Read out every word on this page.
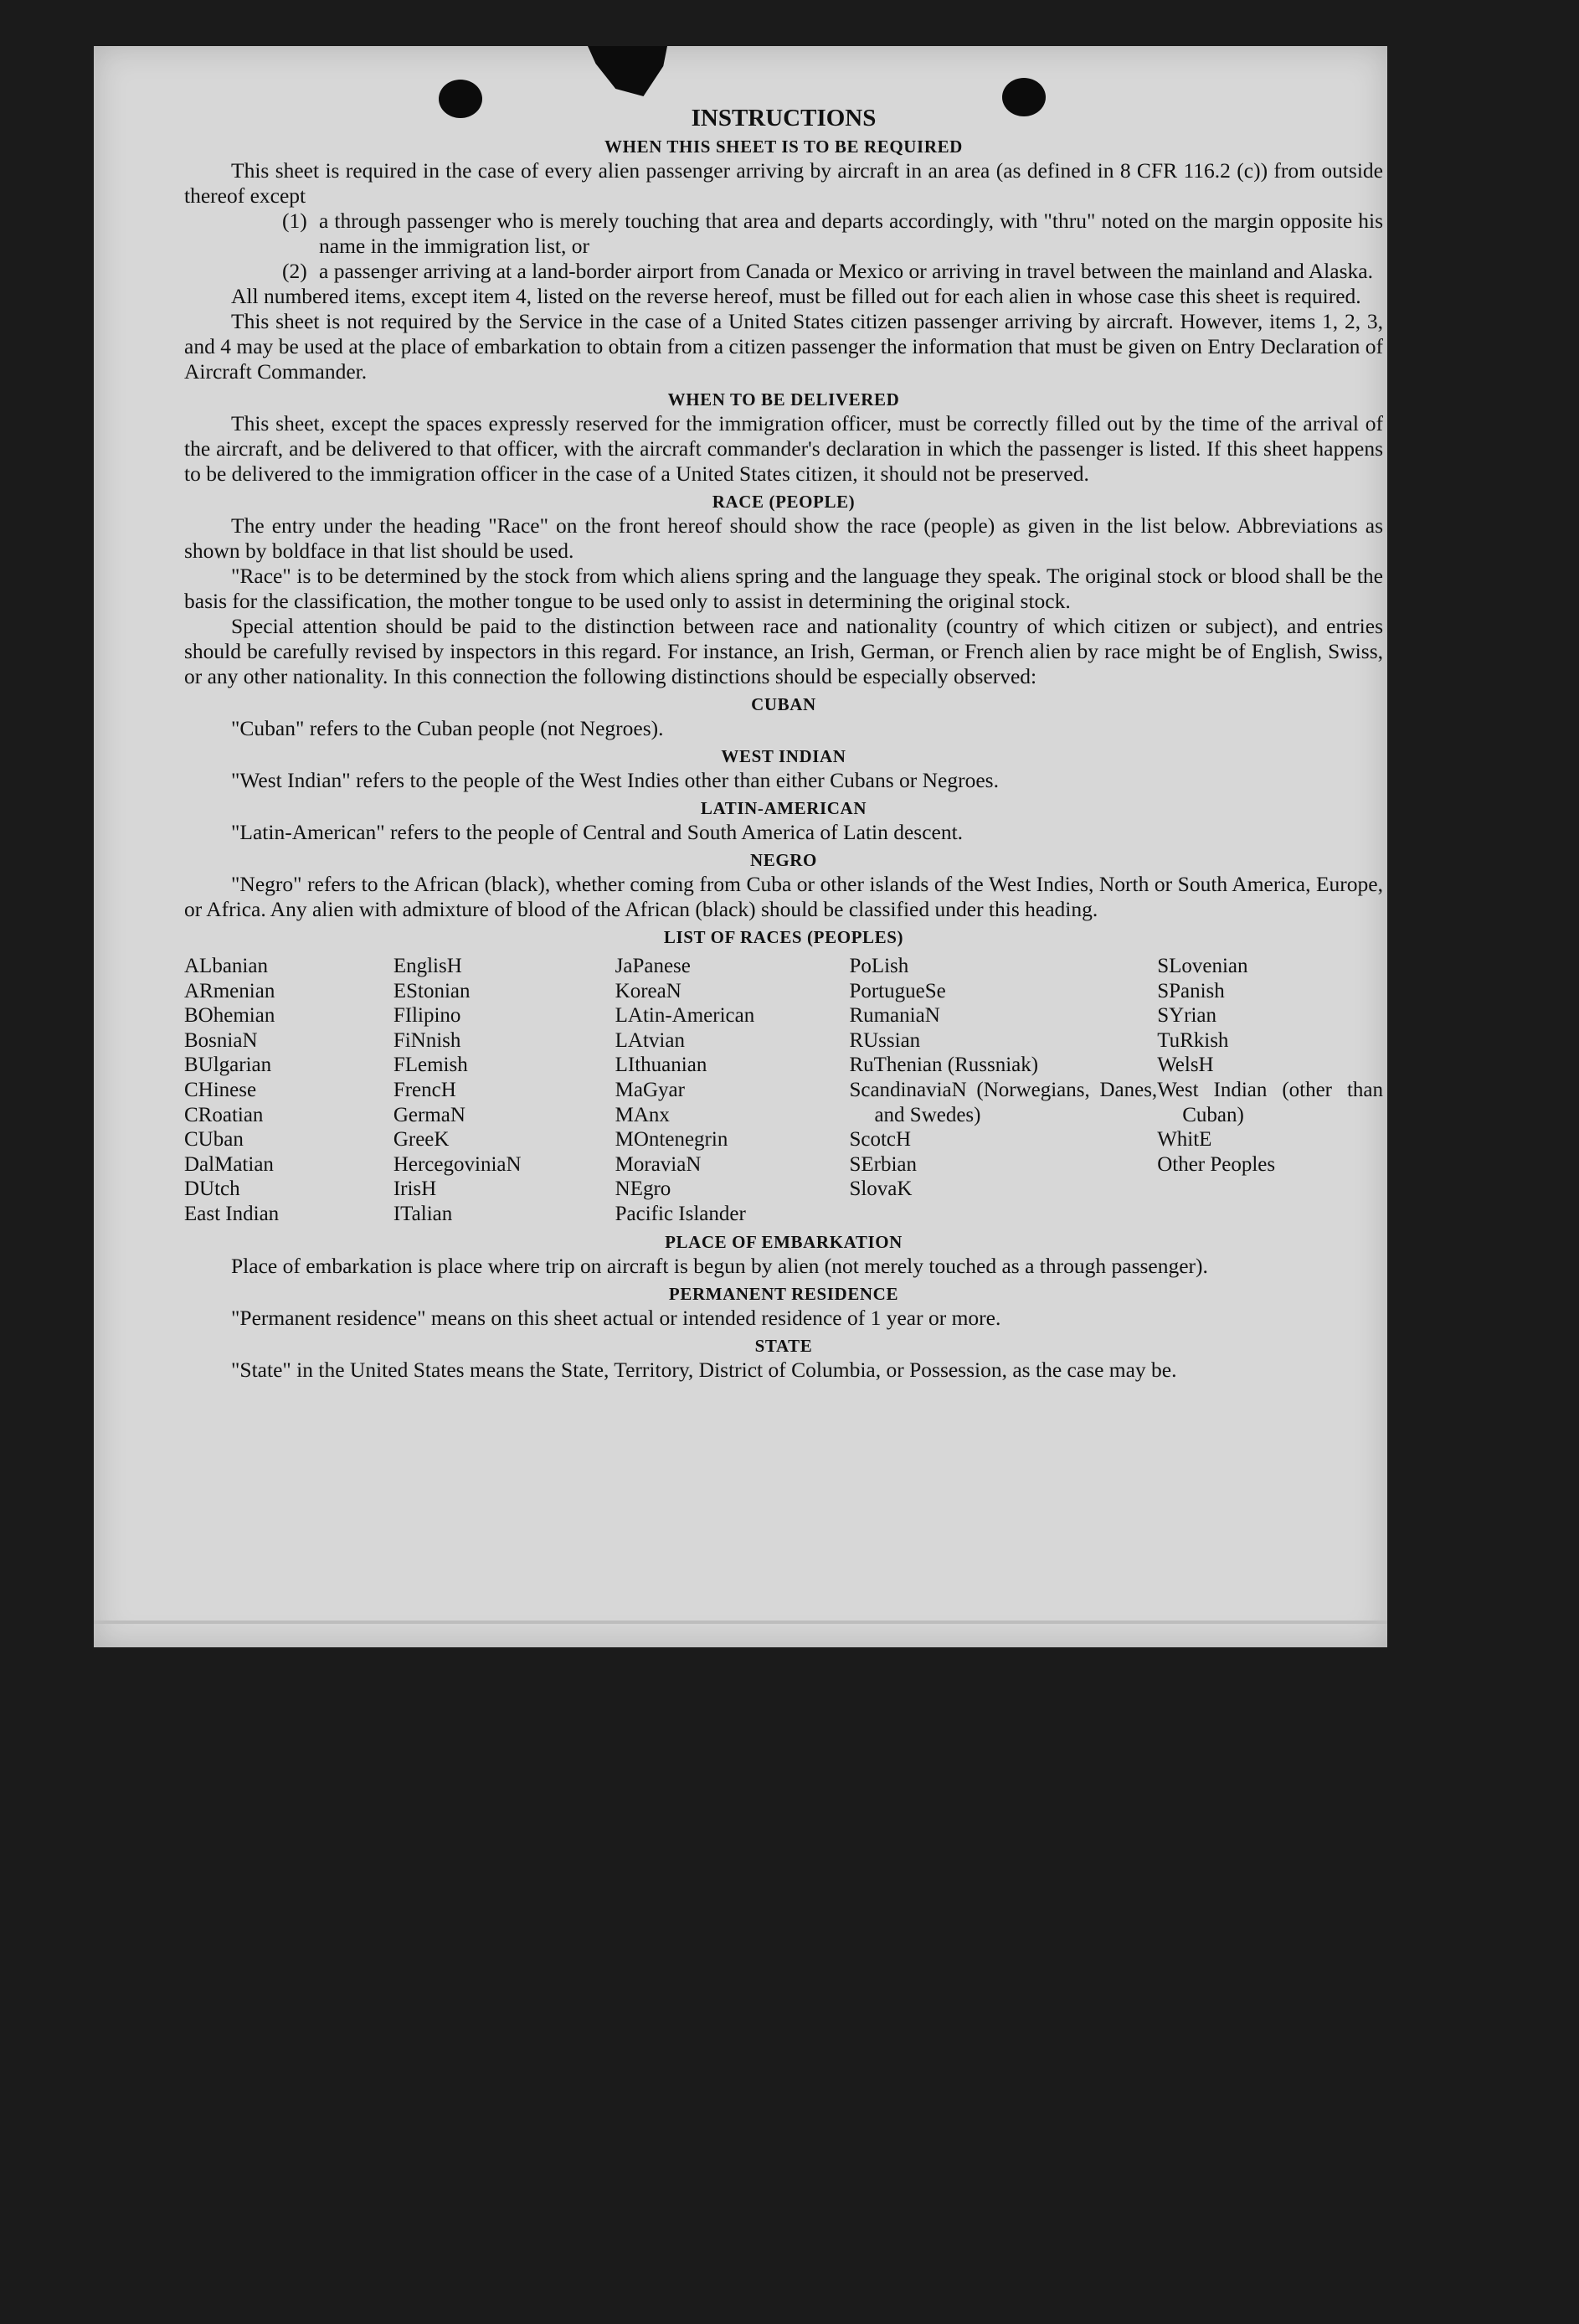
INSTRUCTIONS
WHEN THIS SHEET IS TO BE REQUIRED

This sheet is required in the case of every alien passenger arriving by aircraft in an area (as defined in 8 CFR 116.2 (c)) from outside thereof except

(1) a through passenger who is merely touching that area and departs accordingly, with "thru" noted on the margin opposite his name in the immigration list, or
(2) a passenger arriving at a land-border airport from Canada or Mexico or arriving in travel between the mainland and Alaska.

All numbered items, except item 4, listed on the reverse hereof, must be filled out for each alien in whose case this sheet is required.

This sheet is not required by the Service in the case of a United States citizen passenger arriving by aircraft. However, items 1, 2, 3, and 4 may be used at the place of embarkation to obtain from a citizen passenger the information that must be given on Entry Declaration of Aircraft Commander.

WHEN TO BE DELIVERED

This sheet, except the spaces expressly reserved for the immigration officer, must be correctly filled out by the time of the arrival of the aircraft, and be delivered to that officer, with the aircraft commander's declaration in which the passenger is listed. If this sheet happens to be delivered to the immigration officer in the case of a United States citizen, it should not be preserved.

RACE (PEOPLE)

The entry under the heading "Race" on the front hereof should show the race (people) as given in the list below. Abbreviations as shown by boldface in that list should be used.

"Race" is to be determined by the stock from which aliens spring and the language they speak. The original stock or blood shall be the basis for the classification, the mother tongue to be used only to assist in determining the original stock.

Special attention should be paid to the distinction between race and nationality (country of which citizen or subject), and entries should be carefully revised by inspectors in this regard. For instance, an Irish, German, or French alien by race might be of English, Swiss, or any other nationality. In this connection the following distinctions should be especially observed:

CUBAN

"Cuban" refers to the Cuban people (not Negroes).

WEST INDIAN

"West Indian" refers to the people of the West Indies other than either Cubans or Negroes.

LATIN-AMERICAN

"Latin-American" refers to the people of Central and South America of Latin descent.

NEGRO

"Negro" refers to the African (black), whether coming from Cuba or other islands of the West Indies, North or South America, Europe, or Africa. Any alien with admixture of blood of the African (black) should be classified under this heading.

LIST OF RACES (PEOPLES)
ALbanian
ARmenian
BOhemian
BosniaN
BUlgarian
CHinese
CRoatian
CUban
DalMatian
DUtch
East Indian
EnglisH
EStonian
FIlipino
FiNnish
FLemish
FrencH
GermaN
GreeK
HercegoviniaN
IrisH
ITalian
JaPanese
KoreaN
LAtin-American
LAtvian
LIthuanian
MaGyar
MAnx
MOntenegrin
MoraviaN
NEgro
Pacific Islander
PoLish
PortugueSe
RumaniaN
RUssian
RuThenian (Russniak)
ScandinaviaN (Norwegians, Danes, and Swedes)
ScotcH
SErbian
SlovaK
SLovenian
SPanish
SYrian
TuRkish
WelsH
West Indian (other than Cuban)
WhitE
Other Peoples
PLACE OF EMBARKATION

Place of embarkation is place where trip on aircraft is begun by alien (not merely touched as a through passenger).

PERMANENT RESIDENCE

"Permanent residence" means on this sheet actual or intended residence of 1 year or more.

STATE

"State" in the United States means the State, Territory, District of Columbia, or Possession, as the case may be.
